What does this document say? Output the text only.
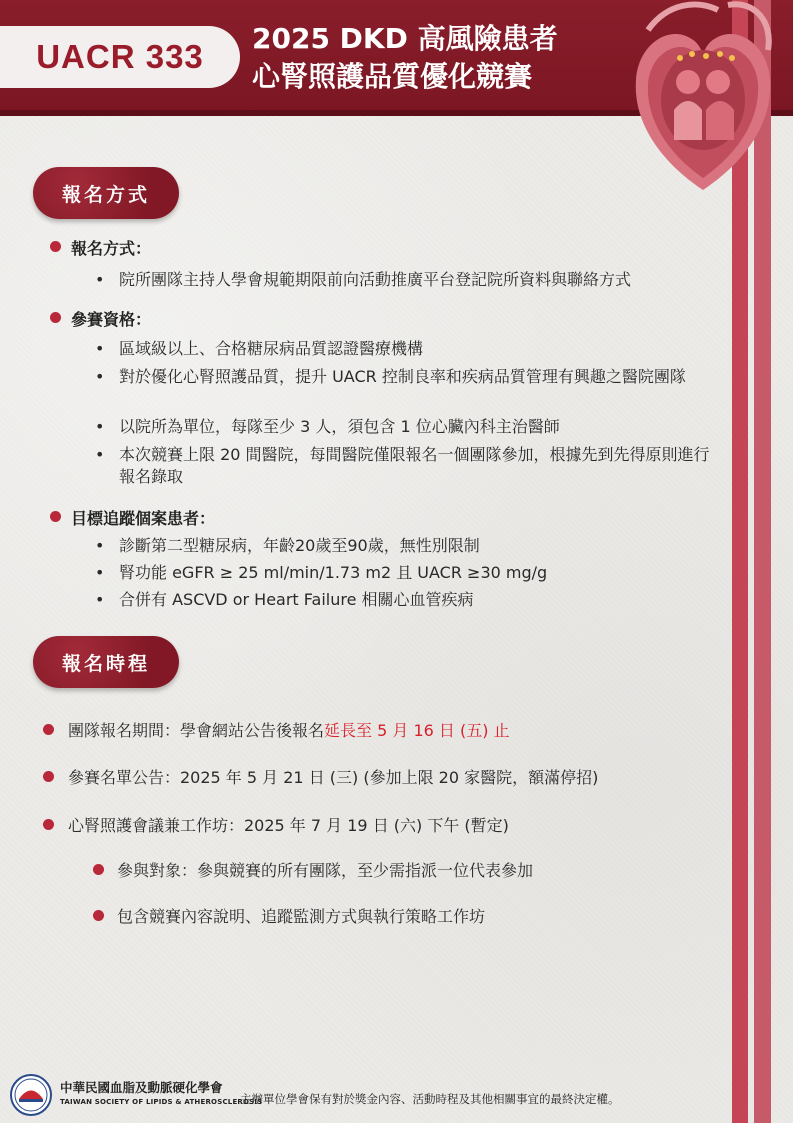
UACR 333 2025 DKD 高風險患者
心腎照護品質優化競賽
報名方式
報名方式：
• 院所團隊主持人學會規範期限前向活動推廣平台登記院所資料與聯絡方式
參賽資格：
• 區域級以上、合格糖尿病品質認證醫療機構
• 對於優化心腎照護品質，提升 UACR 控制良率和疾病品質管理有興趣之醫院團隊
• 以院所為單位，每隊至少 3 人，須包含 1 位心臟內科主治醫師
• 本次競賽上限 20 間醫院，每間醫院僅限報名一個團隊參加，根據先到先得原則進行報名錄取
目標追蹤個案患者：
• 診斷第二型糖尿病，年齡20歲至90歲，無性別限制
• 腎功能 eGFR ≥ 25 ml/min/1.73 m2 且 UACR ≥30 mg/g
• 合併有 ASCVD or Heart Failure 相關心血管疾病
報名時程
團隊報名期間：學會網站公告後報名延長至 5 月 16 日 (五) 止
參賽名單公告：2025 年 5 月 21 日 (三) (參加上限 20 家醫院，額滿停招)
心腎照護會議兼工作坊：2025 年 7 月 19 日 (六) 下午 (暫定)
參與對象：參與競賽的所有團隊，至少需指派一位代表參加
包含競賽內容說明、追蹤監測方式與執行策略工作坊
中華民國血脂及動脈硬化學會
TAIWAN SOCIETY OF LIPIDS & ATHEROSCLEROSIS
主辦單位學會保有對於獎金內容、活動時程及其他相關事宜的最終決定權。
